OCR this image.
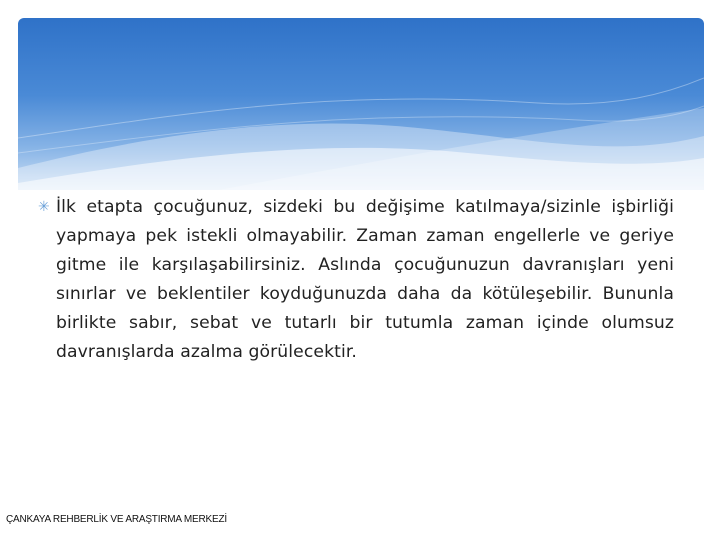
✳ İlk etapta çocuğunuz, sizdeki bu değişime katılmaya/sizinle işbirliği yapmaya pek istekli olmayabilir. Zaman zaman engellerle ve geriye gitme ile karşılaşabilirsiniz. Aslında çocuğunuzun davranışları yeni sınırlar ve beklentiler koyduğunuzda daha da kötüleşebilir. Bununla birlikte sabır, sebat ve tutarlı bir tutumla zaman içinde olumsuz davranışlarda azalma görülecektir.
ÇANKAYA REHBERLİK VE ARAŞTIRMA MERKEZİ
